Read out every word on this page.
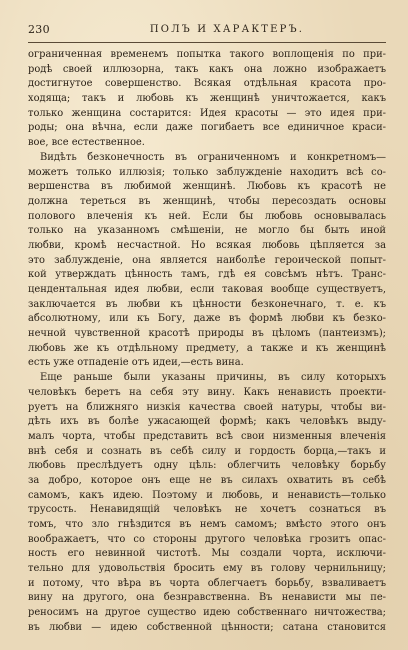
230	ПОЛЪ И ХАРАКТЕРЪ.
ограниченная временемъ попытка такого воплощенія по при-
родѣ своей иллюзорна, такъ какъ она ложно изображаетъ
достигнутое совершенство. Всякая отдѣльная красота про-
ходяща; такъ и любовь къ женщинѣ уничтожается, какъ
только женщина состарится: Идея красоты — это идея при-
роды; она вѣчна, если даже погибаетъ все единичное краси-
вое, все естественное.
Видѣть безконечность въ ограниченномъ и конкретномъ—
можетъ только иллюзія; только заблужденіе находитъ всѣ со-
вершенства въ любимой женщинѣ. Любовь къ красотѣ не
должна тереться въ женщинѣ, чтобы пересоздать основы
полового влеченія къ ней. Если бы любовь основывалась
только на указанномъ смѣшеніи, не могло бы быть иной
любви, кромѣ несчастной. Но всякая любовь цѣпляется за
это заблужденіе, она является наиболѣе героической попыт-
кой утверждать цѣнность тамъ, гдѣ ея совсѣмъ нѣтъ. Транс-
цендентальная идея любви, если таковая вообще существуетъ,
заключается въ любви къ цѣнности безконечнаго, т. е. къ
абсолютному, или къ Богу, даже въ формѣ любви къ безко-
нечной чувственной красотѣ природы въ цѣломъ (пантеизмъ);
любовь же къ отдѣльному предмету, а также и къ женщинѣ
есть уже отпаденіе отъ идеи,—есть вина.
Еще раньше были указаны причины, въ силу которыхъ
человѣкъ беретъ на себя эту вину. Какъ ненависть проекти-
руетъ на ближняго низкія качества своей натуры, чтобы ви-
дѣть ихъ въ болѣе ужасающей формѣ; какъ человѣкъ выду-
малъ чорта, чтобы представить всѣ свои низменныя влеченія
внѣ себя и сознать въ себѣ силу и гордость борца,—такъ и
любовь преслѣдуетъ одну цѣль: облегчить человѣку борьбу
за добро, которое онъ еще не въ силахъ охватить въ себѣ
самомъ, какъ идею. Поэтому и любовь, и ненависть—только
трусость. Ненавидящій человѣкъ не хочетъ сознаться въ
томъ, что зло гнѣздится въ немъ самомъ; вмѣсто этого онъ
воображаетъ, что со стороны другого человѣка грозитъ опас-
ность его невинной чистотѣ. Мы создали чорта, исключи-
тельно для удовольствія бросить ему въ голову чернильницу;
и потому, что вѣра въ чорта облегчаетъ борьбу, взваливаетъ
вину на другого, она безнравственна. Въ ненависти мы пе-
реносимъ на другое существо идею собственнаго ничтожества;
въ любви — идею собственной цѣнности; сатана становится
